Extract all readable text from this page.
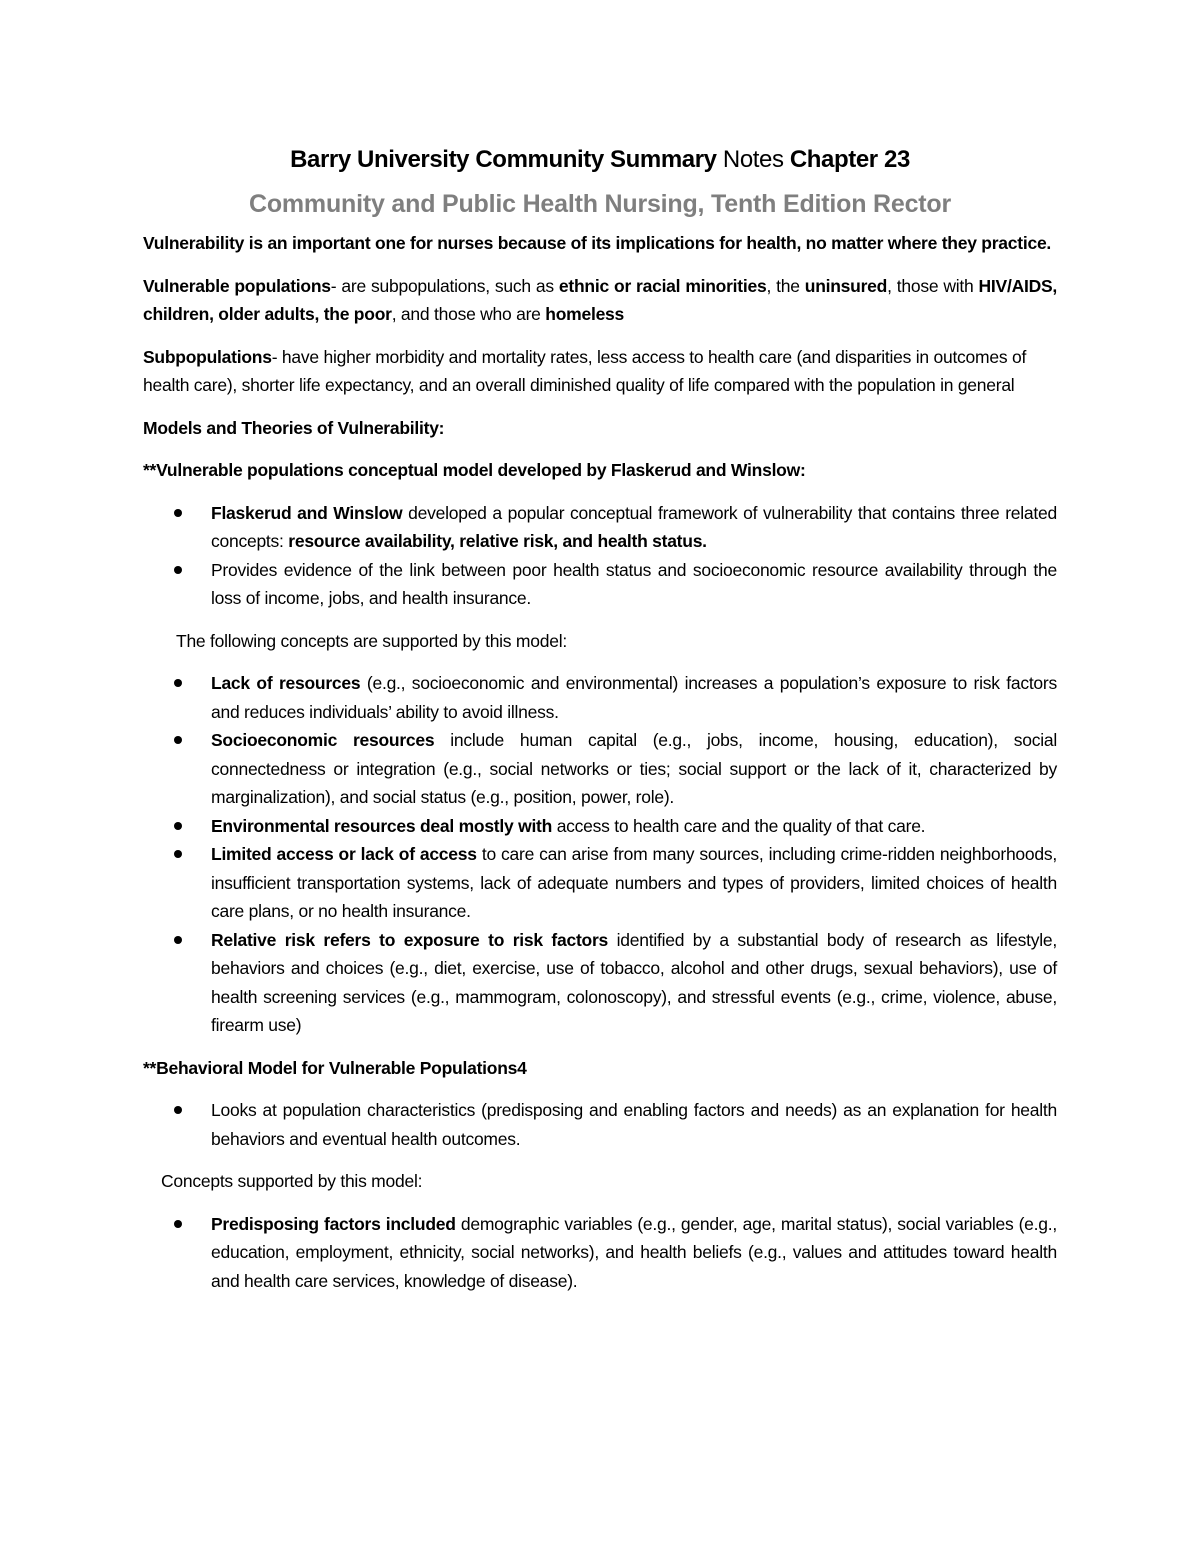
Barry University Community Summary Notes Chapter 23
Community and Public Health Nursing, Tenth Edition Rector

Vulnerability is an important one for nurses because of its implications for health, no matter where they practice.

Vulnerable populations- are subpopulations, such as ethnic or racial minorities, the uninsured, those with HIV/AIDS, children, older adults, the poor, and those who are homeless

Subpopulations- have higher morbidity and mortality rates, less access to health care (and disparities in outcomes of health care), shorter life expectancy, and an overall diminished quality of life compared with the population in general

Models and Theories of Vulnerability:

**Vulnerable populations conceptual model developed by Flaskerud and Winslow:

Flaskerud and Winslow developed a popular conceptual framework of vulnerability that contains three related concepts: resource availability, relative risk, and health status.
Provides evidence of the link between poor health status and socioeconomic resource availability through the loss of income, jobs, and health insurance.

The following concepts are supported by this model:

Lack of resources (e.g., socioeconomic and environmental) increases a population’s exposure to risk factors and reduces individuals’ ability to avoid illness.
Socioeconomic resources include human capital (e.g., jobs, income, housing, education), social connectedness or integration (e.g., social networks or ties; social support or the lack of it, characterized by marginalization), and social status (e.g., position, power, role).
Environmental resources deal mostly with access to health care and the quality of that care.
Limited access or lack of access to care can arise from many sources, including crime-ridden neighborhoods, insufficient transportation systems, lack of adequate numbers and types of providers, limited choices of health care plans, or no health insurance.
Relative risk refers to exposure to risk factors identified by a substantial body of research as lifestyle, behaviors and choices (e.g., diet, exercise, use of tobacco, alcohol and other drugs, sexual behaviors), use of health screening services (e.g., mammogram, colonoscopy), and stressful events (e.g., crime, violence, abuse, firearm use)

**Behavioral Model for Vulnerable Populations4

Looks at population characteristics (predisposing and enabling factors and needs) as an explanation for health behaviors and eventual health outcomes.

Concepts supported by this model:

Predisposing factors included demographic variables (e.g., gender, age, marital status), social variables (e.g., education, employment, ethnicity, social networks), and health beliefs (e.g., values and attitudes toward health and health care services, knowledge of disease).
